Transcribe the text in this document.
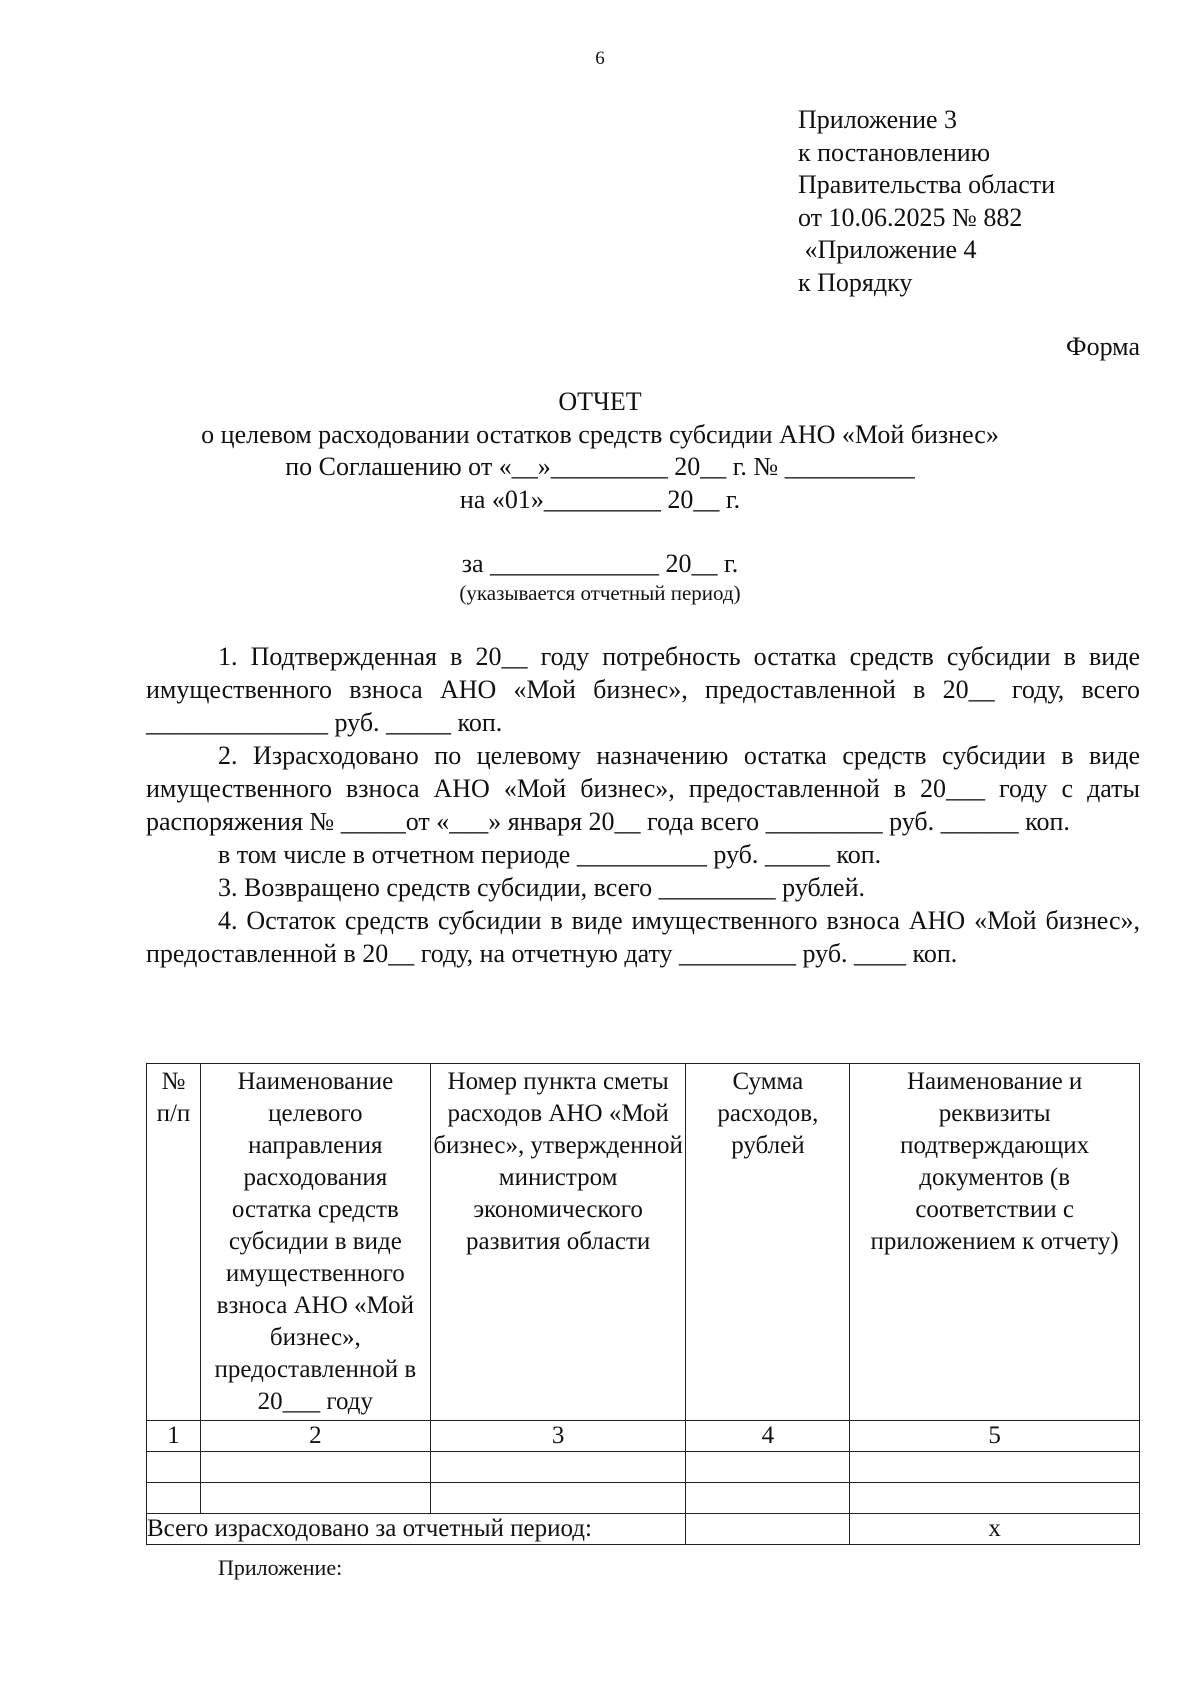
6
Приложение 3
к постановлению
Правительства области
от 10.06.2025 № 882
«Приложение 4
к Порядку
Форма
ОТЧЕТ
о целевом расходовании остатков средств субсидии АНО «Мой бизнес»
по Соглашению от «__»_________ 20__ г. № __________
на «01»_________ 20__ г.
за _____________ 20__ г.
(указывается отчетный период)

1. Подтвержденная в 20__ году потребность остатка средств субсидии в виде имущественного взноса АНО «Мой бизнес», предоставленной в 20__ году, всего ______________ руб. _____ коп.

2. Израсходовано по целевому назначению остатка средств субсидии в виде имущественного взноса АНО «Мой бизнес», предоставленной в 20___ году с даты распоряжения № _____от «___» января 20__ года всего _________ руб. ______ коп.

в том числе в отчетном периоде __________ руб. _____ коп.

3. Возвращено средств субсидии, всего _________ рублей.

4. Остаток средств субсидии в виде имущественного взноса АНО «Мой бизнес», предоставленной в 20__ году, на отчетную дату _________ руб. ____ коп.

№ п/п	Наименование целевого направления расходования остатка средств субсидии в виде имущественного взноса АНО «Мой бизнес», предоставленной в 20___ году	Номер пункта сметы расходов АНО «Мой бизнес», утвержденной министром экономического развития области	Сумма расходов, рублей	Наименование и реквизиты подтверждающих документов (в соответствии с приложением к отчету)
1	2	3	4	5

Всего израсходовано за отчетный период:				x
Приложение:
